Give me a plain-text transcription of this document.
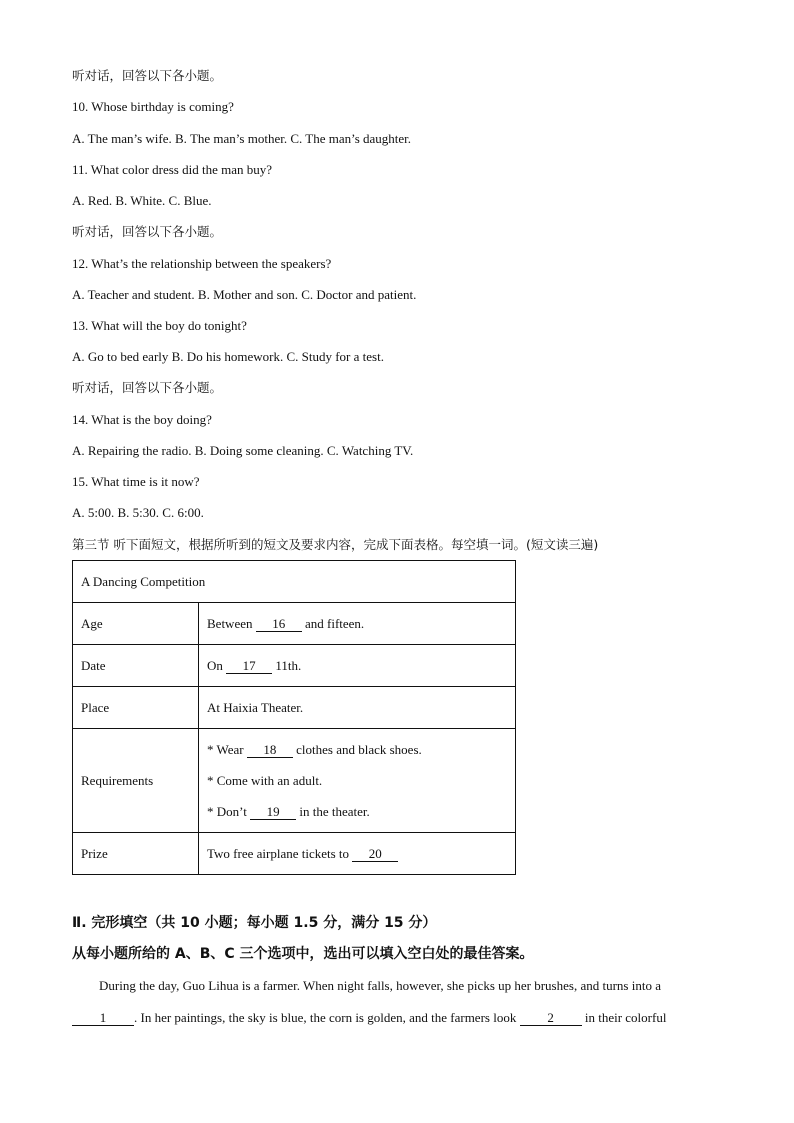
听对话，回答以下各小题。
10. Whose birthday is coming?
A. The man’s wife. B. The man’s mother. C. The man’s daughter.
11. What color dress did the man buy?
A. Red. B. White. C. Blue.
听对话，回答以下各小题。
12. What’s the relationship between the speakers?
A. Teacher and student. B. Mother and son. C. Doctor and patient.
13. What will the boy do tonight?
A. Go to bed early B. Do his homework. C. Study for a test.
听对话，回答以下各小题。
14. What is the boy doing?
A. Repairing the radio. B. Doing some cleaning. C. Watching TV.
15. What time is it now?
A. 5:00. B. 5:30. C. 6:00.
第三节 听下面短文，根据所听到的短文及要求内容，完成下面表格。每空填一词。(短文读三遍)
A Dancing Competition	
Age	Between 16 and fifteen.
Date	On 17 11th.
Place	At Haixia Theater.
Requirements	* Wear 18 clothes and black shoes.
* Come with an adult.
* Don’t 19 in the theater.

Prize	Two free airplane tickets to 20
Ⅱ. 完形填空（共 10 小题；每小题 1.5 分，满分 15 分）
从每小题所给的 A、B、C 三个选项中，选出可以填入空白处的最佳答案。
During the day, Guo Lihua is a farmer. When night falls, however, she picks up her brushes, and turns into a
1 . In her paintings, the sky is blue, the corn is golden, and the farmers look 2 in their colorful
